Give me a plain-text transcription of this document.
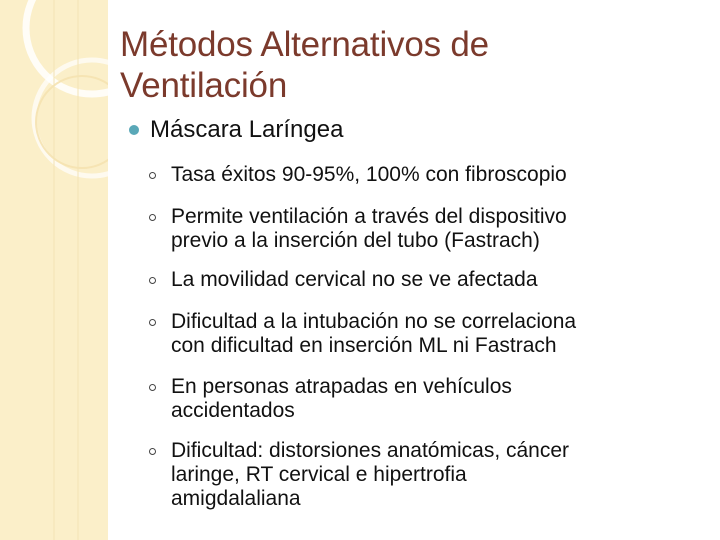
Métodos Alternativos de
Ventilación
Máscara Laríngea
Tasa éxitos 90-95%, 100% con fibroscopio
Permite ventilación a través del dispositivo
previo a la inserción del tubo (Fastrach)
La movilidad cervical no se ve afectada
Dificultad a la intubación no se correlaciona
con dificultad en inserción ML ni Fastrach
En personas atrapadas en vehículos
accidentados
Dificultad: distorsiones anatómicas, cáncer
laringe, RT cervical e hipertrofia
amigdalaliana
